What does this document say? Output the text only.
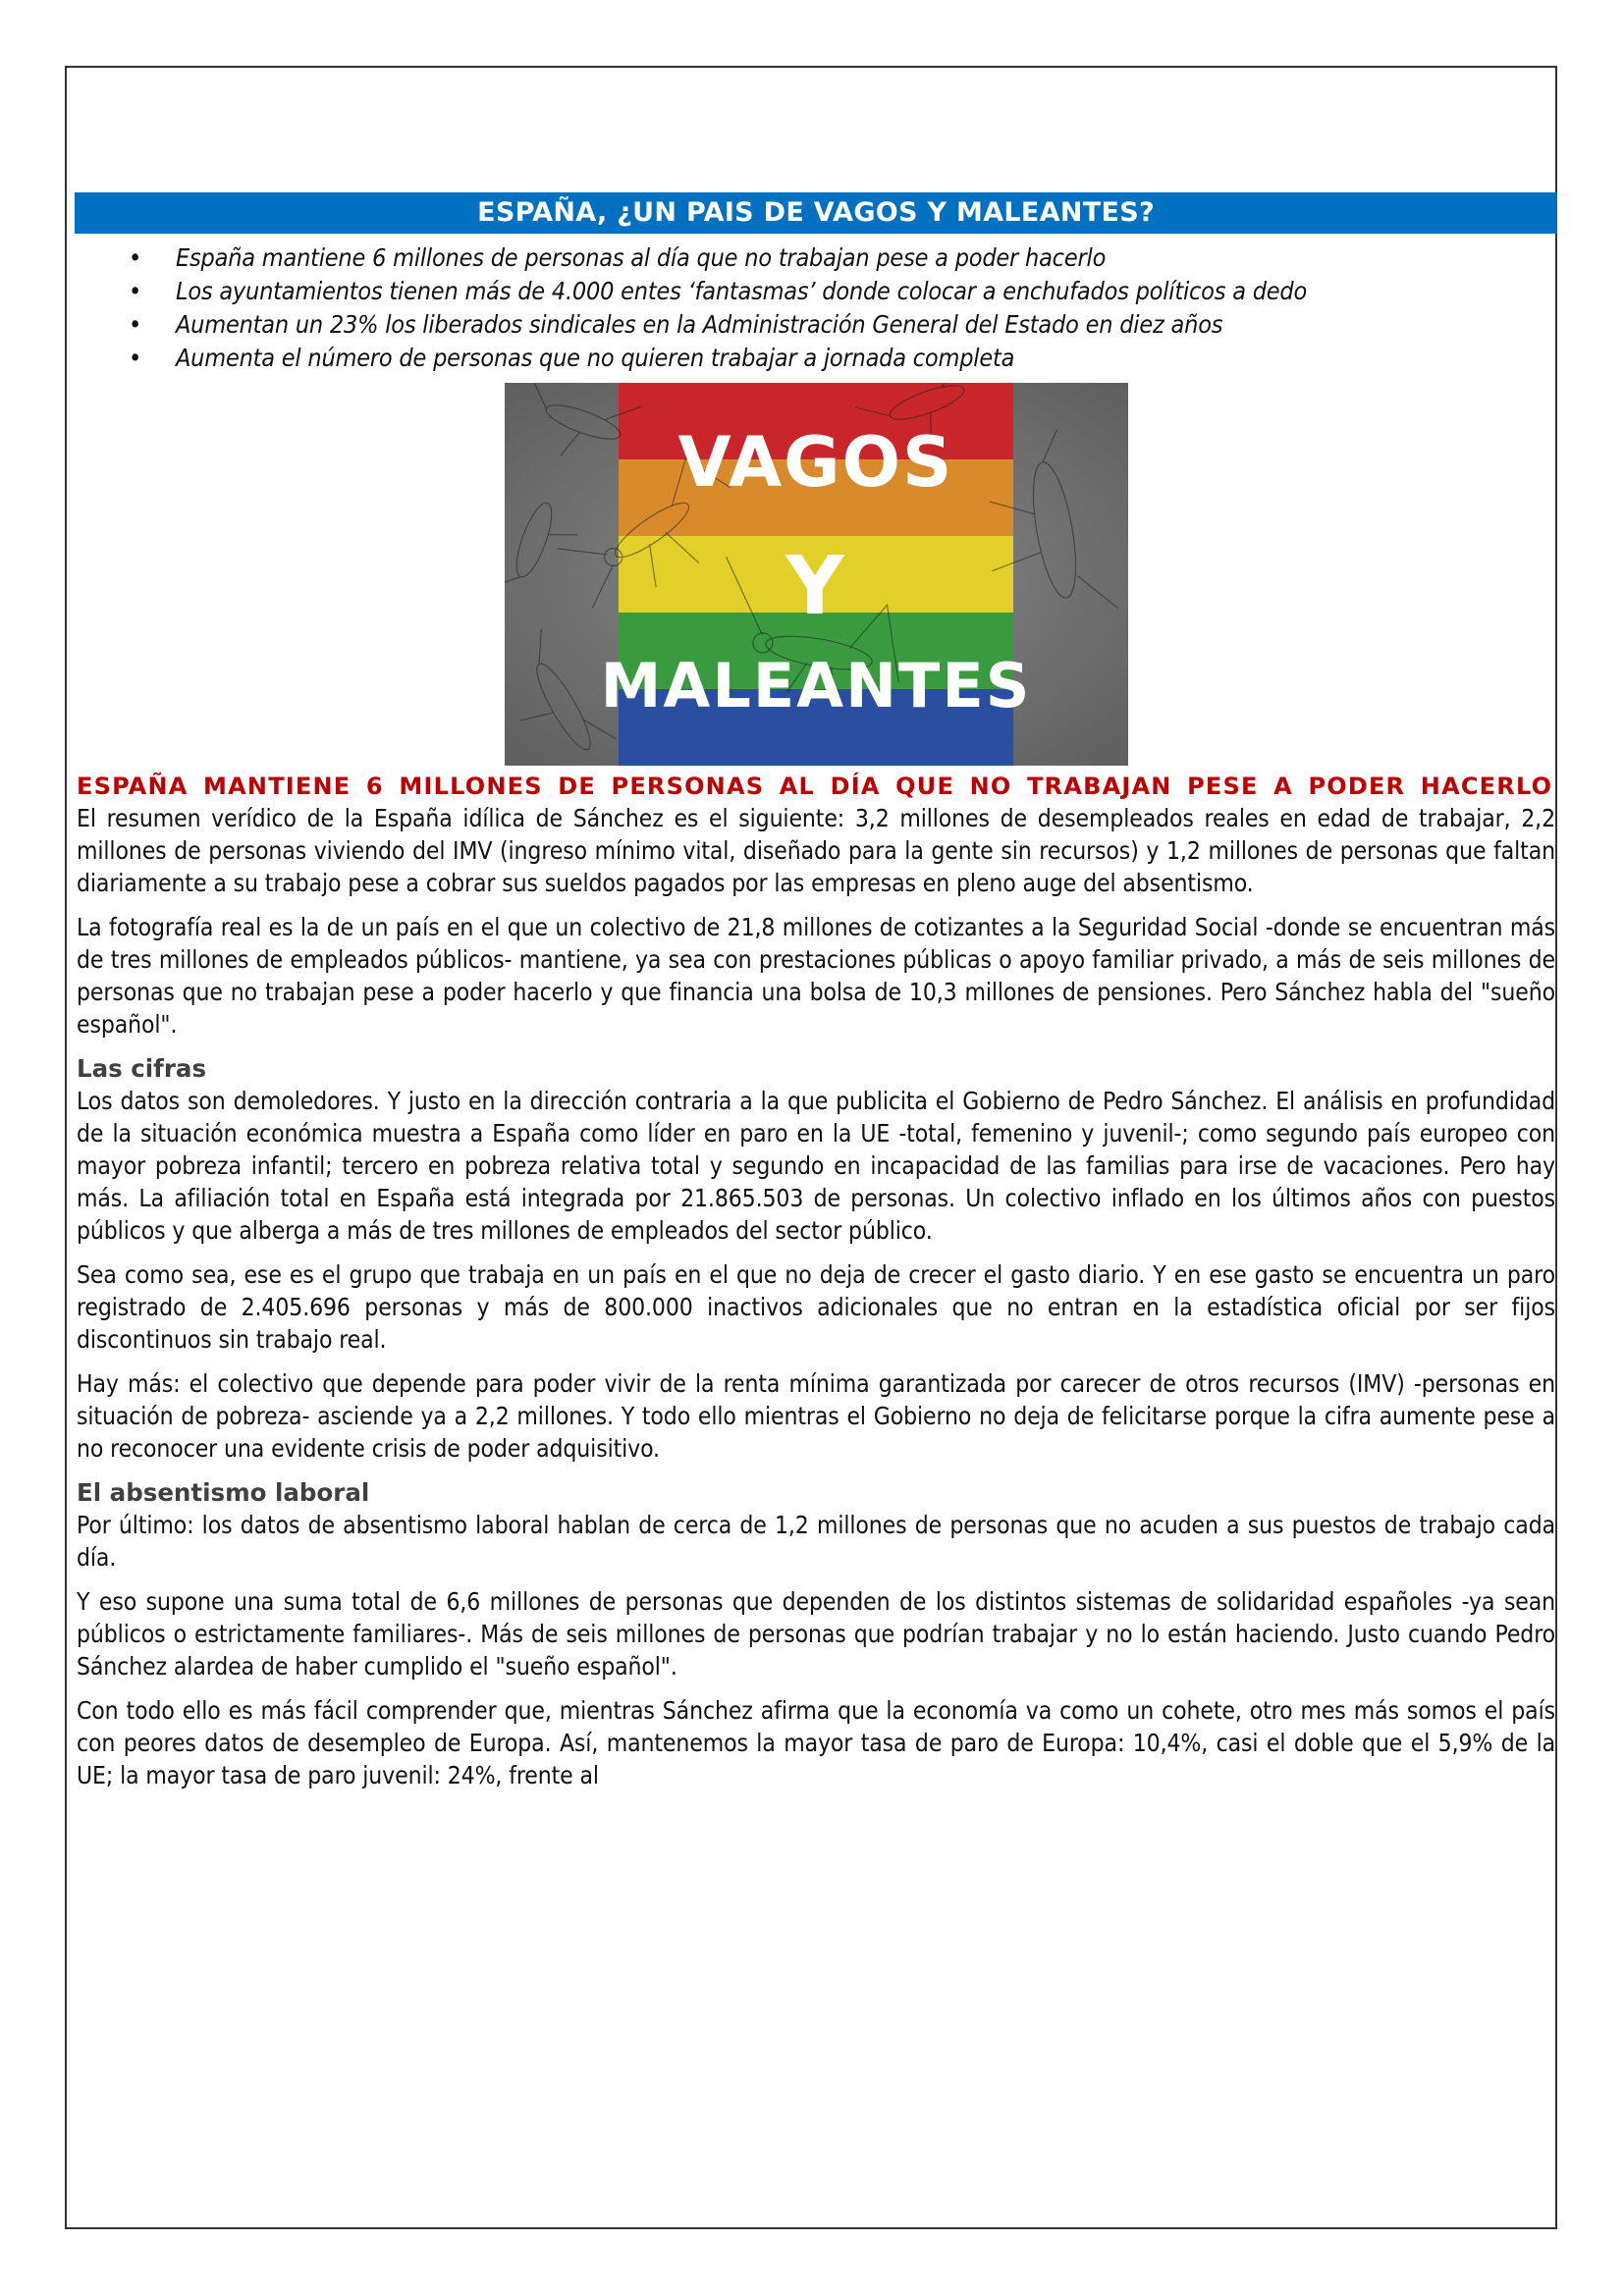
ESPAÑA, ¿UN PAIS DE VAGOS Y MALEANTES?
• España mantiene 6 millones de personas al día que no trabajan pese a poder hacerlo
• Los ayuntamientos tienen más de 4.000 entes ‘fantasmas’ donde colocar a enchufados políticos a dedo
• Aumentan un 23% los liberados sindicales en la Administración General del Estado en diez años
• Aumenta el número de personas que no quieren trabajar a jornada completa
VAGOS
Y
MALEANTES
ESPAÑA MANTIENE 6 MILLONES DE PERSONAS AL DÍA QUE NO TRABAJAN PESE A PODER HACERLO

El resumen verídico de la España idílica de Sánchez es el siguiente: 3,2 millones de desempleados reales en edad de trabajar, 2,2 millones de personas viviendo del IMV (ingreso mínimo vital, diseñado para la gente sin recursos) y 1,2 millones de personas que faltan diariamente a su trabajo pese a cobrar sus sueldos pagados por las empresas en pleno auge del absentismo.

La fotografía real es la de un país en el que un colectivo de 21,8 millones de cotizantes a la Seguridad Social -donde se encuentran más de tres millones de empleados públicos- mantiene, ya sea con prestaciones públicas o apoyo familiar privado, a más de seis millones de personas que no trabajan pese a poder hacerlo y que financia una bolsa de 10,3 millones de pensiones. Pero Sánchez habla del "sueño español".

Las cifras

Los datos son demoledores. Y justo en la dirección contraria a la que publicita el Gobierno de Pedro Sánchez. El análisis en profundidad de la situación económica muestra a España como líder en paro en la UE -total, femenino y juvenil-; como segundo país europeo con mayor pobreza infantil; tercero en pobreza relativa total y segundo en incapacidad de las familias para irse de vacaciones. Pero hay más. La afiliación total en España está integrada por 21.865.503 de personas. Un colectivo inflado en los últimos años con puestos públicos y que alberga a más de tres millones de empleados del sector público.

Sea como sea, ese es el grupo que trabaja en un país en el que no deja de crecer el gasto diario. Y en ese gasto se encuentra un paro registrado de 2.405.696 personas y más de 800.000 inactivos adicionales que no entran en la estadística oficial por ser fijos discontinuos sin trabajo real.

Hay más: el colectivo que depende para poder vivir de la renta mínima garantizada por carecer de otros recursos (IMV) -personas en situación de pobreza- asciende ya a 2,2 millones. Y todo ello mientras el Gobierno no deja de felicitarse porque la cifra aumente pese a no reconocer una evidente crisis de poder adquisitivo.

El absentismo laboral

Por último: los datos de absentismo laboral hablan de cerca de 1,2 millones de personas que no acuden a sus puestos de trabajo cada día.

Y eso supone una suma total de 6,6 millones de personas que dependen de los distintos sistemas de solidaridad españoles -ya sean públicos o estrictamente familiares-. Más de seis millones de personas que podrían trabajar y no lo están haciendo. Justo cuando Pedro Sánchez alardea de haber cumplido el "sueño español".

Con todo ello es más fácil comprender que, mientras Sánchez afirma que la economía va como un cohete, otro mes más somos el país con peores datos de desempleo de Europa. Así, mantenemos la mayor tasa de paro de Europa: 10,4%, casi el doble que el 5,9% de la UE; la mayor tasa de paro juvenil: 24%, frente al
